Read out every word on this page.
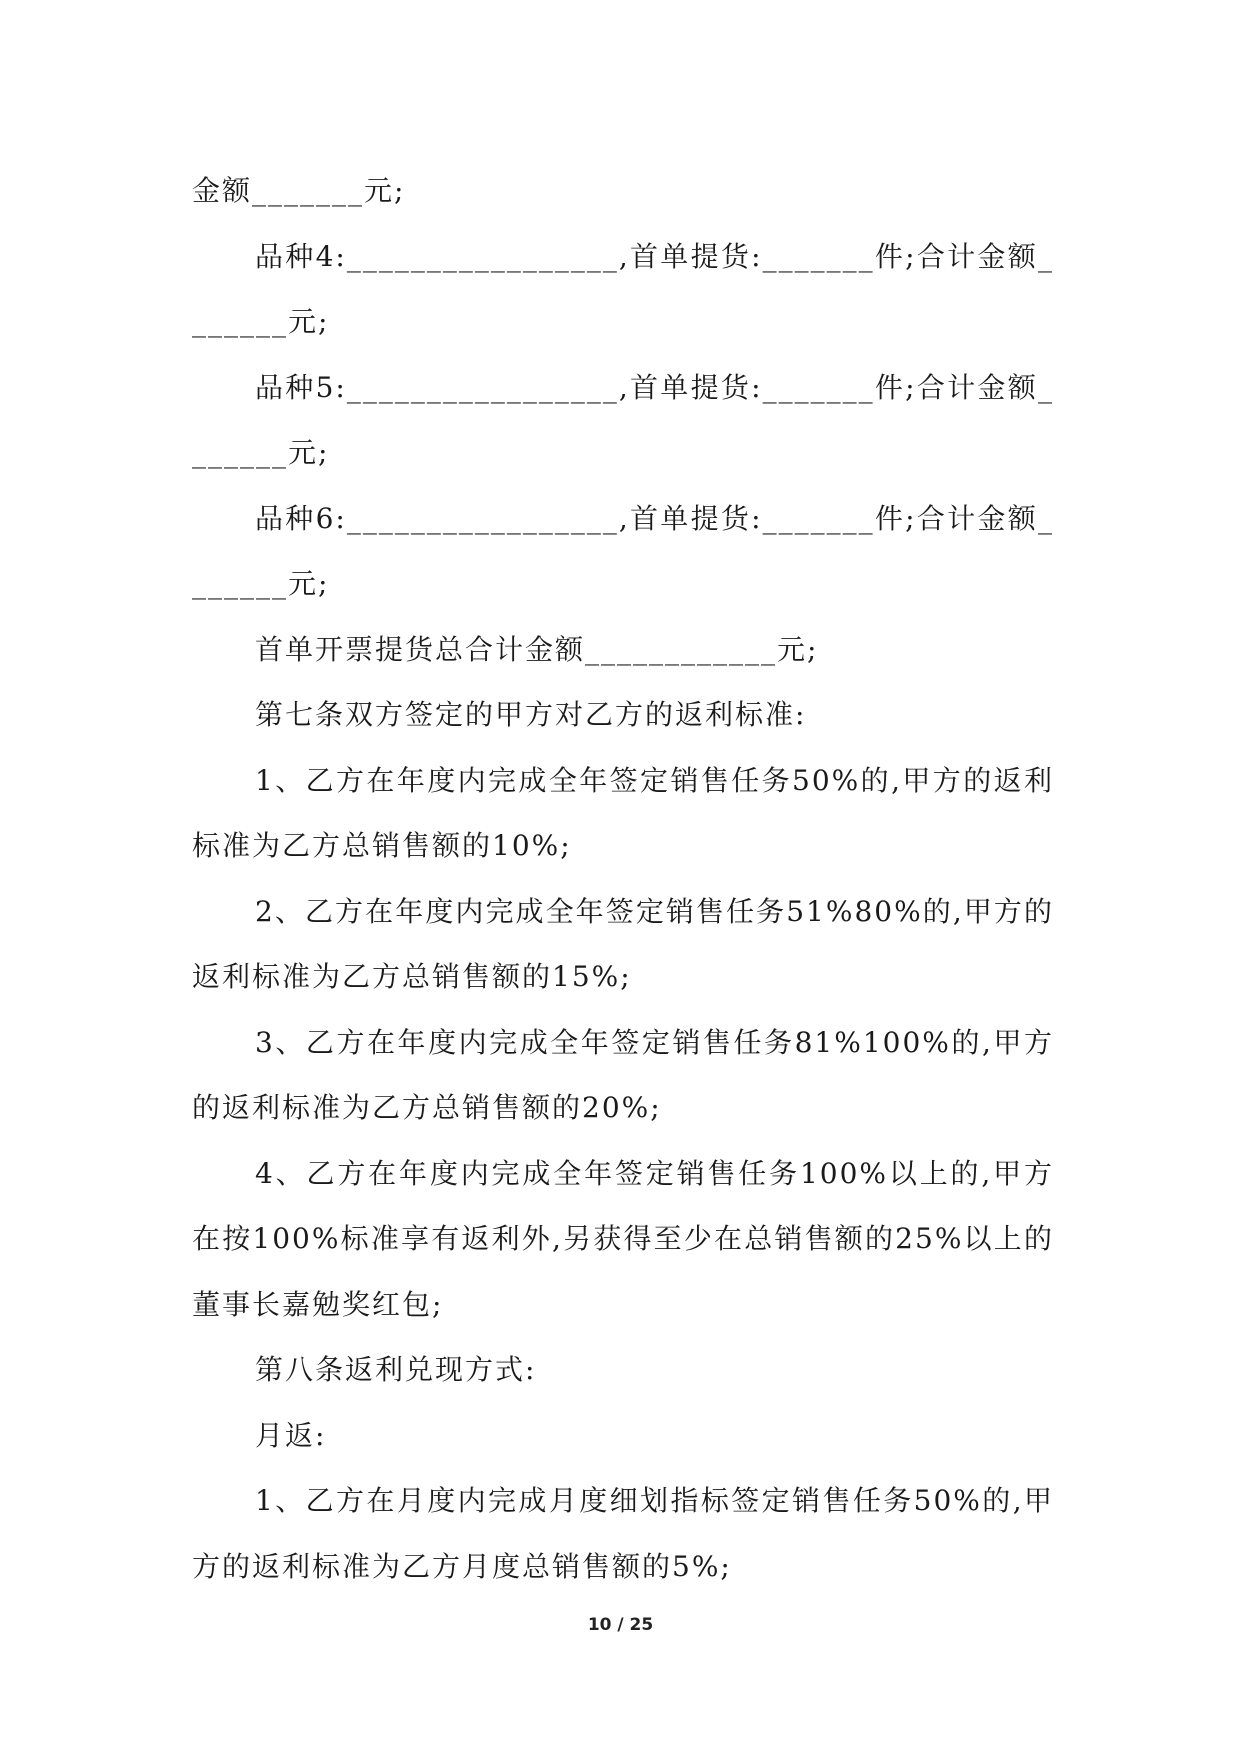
金额_______元;

品种4:_________________,首单提货:_______件;合计金额_______元;

品种5:_________________,首单提货:_______件;合计金额_______元;

品种6:_________________,首单提货:_______件;合计金额_______元;

首单开票提货总合计金额____________元;

第七条双方签定的甲方对乙方的返利标准:

1、乙方在年度内完成全年签定销售任务50%的,甲方的返利标准为乙方总销售额的10%;

2、乙方在年度内完成全年签定销售任务51%80%的,甲方的返利标准为乙方总销售额的15%;

3、乙方在年度内完成全年签定销售任务81%100%的,甲方的返利标准为乙方总销售额的20%;

4、乙方在年度内完成全年签定销售任务100%以上的,甲方在按100%标准享有返利外,另获得至少在总销售额的25%以上的董事长嘉勉奖红包;

第八条返利兑现方式:

月返:

1、乙方在月度内完成月度细划指标签定销售任务50%的,甲方的返利标准为乙方月度总销售额的5%;

10 / 25
